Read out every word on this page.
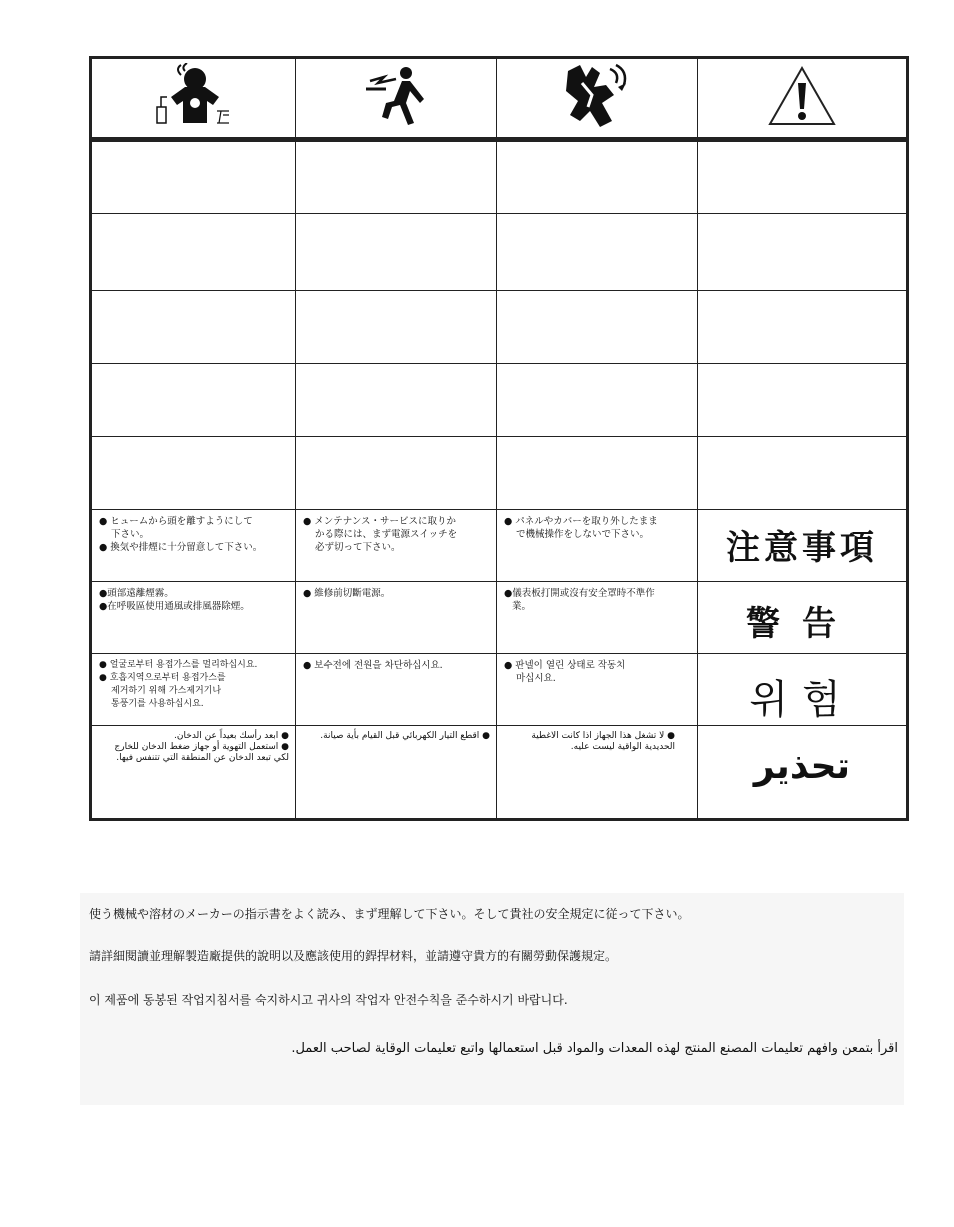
● ヒュームから頭を離すようにして
下さい。
● 換気や排煙に十分留意して下さい。	● メンテナンス・サービスに取りか
かる際には、まず電源スイッチを
必ず切って下さい。	● パネルやカバーを取り外したまま
で機械操作をしないで下さい。	注意事項

●頭部遠離煙霧。
●在呼吸區使用通風或排風器除煙。	● 維修前切斷電源。	●儀表板打開或沒有安全罩時不準作
業。	警告

● 얼굴로부터 용접가스를 멀리하십시요.
● 호흡지역으로부터 용접가스를
제거하기 위해 가스제거기나
통풍기를 사용하십시요.	● 보수전에 전원을 차단하십시요.	● 판넬이 열린 상태로 작동치
마십시요.	위험

● ابعد رأسك بعيداً عن الدخان.
● استعمل التهوية أو جهاز ضغط الدخان للخارج
لكي تبعد الدخان عن المنطقة التي تتنفس فيها.	● اقطع التيار الكهربائي قبل القيام بأية صيانة.	● لا تشغل هذا الجهاز اذا كانت الاغطية
الحديدية الواقية ليست عليه.	تحذير

使う機械や溶材のメーカーの指示書をよく読み、まず理解して下さい。そして貴社の安全規定に従って下さい。

請詳細閱讀並理解製造廠提供的說明以及應該使用的銲捍材料，並請遵守貴方的有關勞動保護規定。

이 제품에 동봉된 작업지침서를 숙지하시고 귀사의 작업자 안전수칙을 준수하시기 바랍니다.

اقرأ بتمعن وافهم تعليمات المصنع المنتج لهذه المعدات والمواد قبل استعمالها واتبع تعليمات الوقاية لصاحب العمل.
